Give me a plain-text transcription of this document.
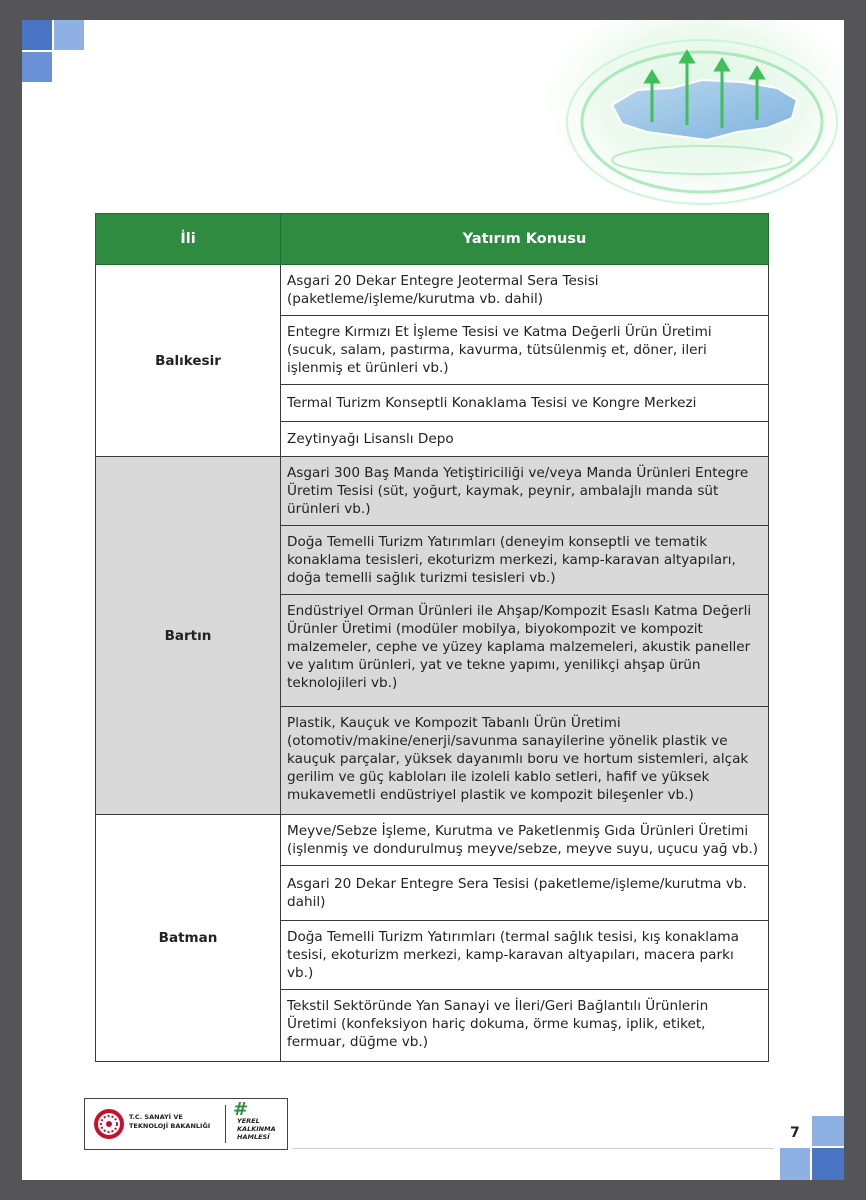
İli	Yatırım Konusu
Balıkesir	Asgari 20 Dekar Entegre Jeotermal Sera Tesisi (paketleme/işleme/kurutma vb. dahil)
	Entegre Kırmızı Et İşleme Tesisi ve Katma Değerli Ürün Üretimi (sucuk, salam, pastırma, kavurma, tütsülenmiş et, döner, ileri işlenmiş et ürünleri vb.)
	Termal Turizm Konseptli Konaklama Tesisi ve Kongre Merkezi
	Zeytinyağı Lisanslı Depo
Bartın	Asgari 300 Baş Manda Yetiştiriciliği ve/veya Manda Ürünleri Entegre Üretim Tesisi (süt, yoğurt, kaymak, peynir, ambalajlı manda süt ürünleri vb.)
	Doğa Temelli Turizm Yatırımları (deneyim konseptli ve tematik konaklama tesisleri, ekoturizm merkezi, kamp-karavan altyapıları, doğa temelli sağlık turizmi tesisleri vb.)
	Endüstriyel Orman Ürünleri ile Ahşap/Kompozit Esaslı Katma Değerli Ürünler Üretimi (modüler mobilya, biyokompozit ve kompozit malzemeler, cephe ve yüzey kaplama malzemeleri, akustik paneller ve yalıtım ürünleri, yat ve tekne yapımı, yenilikçi ahşap ürün teknolojileri vb.)
	Plastik, Kauçuk ve Kompozit Tabanlı Ürün Üretimi (otomotiv/makine/enerji/savunma sanayilerine yönelik plastik ve kauçuk parçalar, yüksek dayanımlı boru ve hortum sistemleri, alçak gerilim ve güç kabloları ile izoleli kablo setleri, hafif ve yüksek mukavemetli endüstriyel plastik ve kompozit bileşenler vb.)
Batman	Meyve/Sebze İşleme, Kurutma ve Paketlenmiş Gıda Ürünleri Üretimi (işlenmiş ve dondurulmuş meyve/sebze, meyve suyu, uçucu yağ vb.)
	Asgari 20 Dekar Entegre Sera Tesisi (paketleme/işleme/kurutma vb. dahil)
	Doğa Temelli Turizm Yatırımları (termal sağlık tesisi, kış konaklama tesisi, ekoturizm merkezi, kamp-karavan altyapıları, macera parkı vb.)
	Tekstil Sektöründe Yan Sanayi ve İleri/Geri Bağlantılı Ürünlerin Üretimi (konfeksiyon hariç dokuma, örme kumaş, iplik, etiket, fermuar, düğme vb.)
T.C. SANAYİ VE
TEKNOLOJİ BAKANLIĞI
#
YEREL
KALKINMA
HAMLESİ	7
